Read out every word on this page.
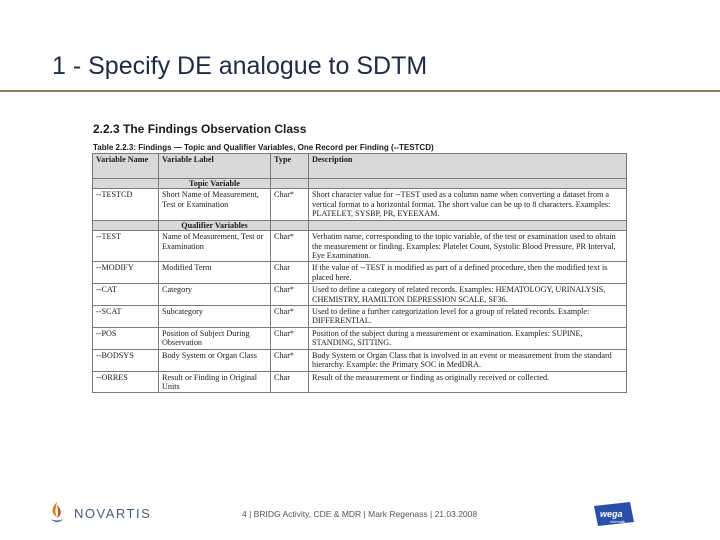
1 - Specify DE analogue to SDTM
2.2.3 The Findings Observation Class
Table 2.2.3: Findings — Topic and Qualifier Variables, One Record per Finding (--TESTCD)
Variable Name	Variable Label	Type	Description
	Topic Variable		
--TESTCD	Short Name of Measurement, Test or Examination	Char*	Short character value for --TEST used as a column name when converting a dataset from a vertical format to a horizontal format. The short value can be up to 8 characters. Examples: PLATELET, SYSBP, PR, EYEEXAM.
	Qualifier Variables		
--TEST	Name of Measurement, Test or Examination	Char*	Verbatim name, corresponding to the topic variable, of the test or examination used to obtain the measurement or finding. Examples: Platelet Count, Systolic Blood Pressure, PR Interval, Eye Examination.
--MODIFY	Modified Term	Char	If the value of --TEST is modified as part of a defined procedure, then the modified text is placed here.
--CAT	Category	Char*	Used to define a category of related records. Examples: HEMATOLOGY, URINALYSIS, CHEMISTRY, HAMILTON DEPRESSION SCALE, SF36.
--SCAT	Subcategory	Char*	Used to define a further categorization level for a group of related records. Example: DIFFERENTIAL.
--POS	Position of Subject During Observation	Char*	Position of the subject during a measurement or examination. Examples: SUPINE, STANDING, SITTING.
--BODSYS	Body System or Organ Class	Char*	Body System or Organ Class that is involved in an event or measurement from the standard hierarchy. Example: the Primary SOC in MedDRA.
--ORRES	Result or Finding in Original Units	Char	Result of the measurement or finding as originally received or collected.
NOVARTIS	4 | BRIDG Activity, CDE & MDR | Mark Regenass | 21.03.2008	wega
informatik
